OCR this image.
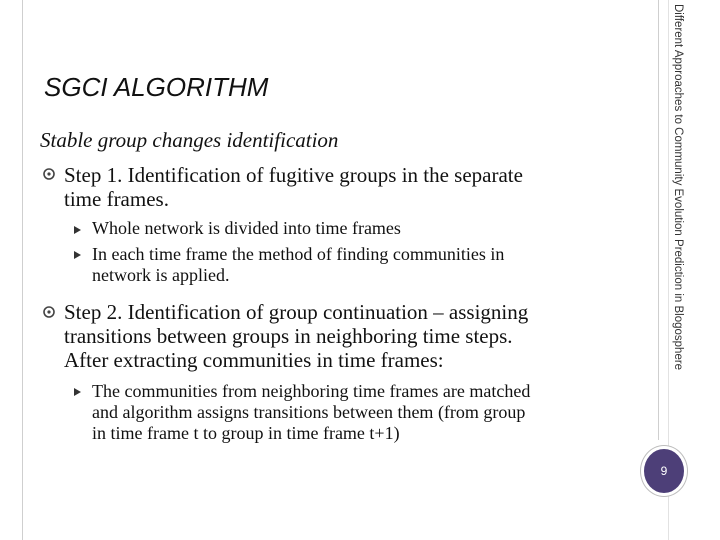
Different Approaches to Community Evolution Prediction in Blogosphere
SGCI ALGORITHM
Stable group changes identification
Step 1. Identification of fugitive groups in the separate
time frames.
Whole network is divided into time frames
In each time frame the method of finding communities in
network is applied.
Step 2. Identification of group continuation – assigning
transitions between groups in neighboring time steps.
After extracting communities in time frames:
The communities from neighboring time frames are matched
and algorithm assigns transitions between them (from group
in time frame t to group in time frame t+1)
9
